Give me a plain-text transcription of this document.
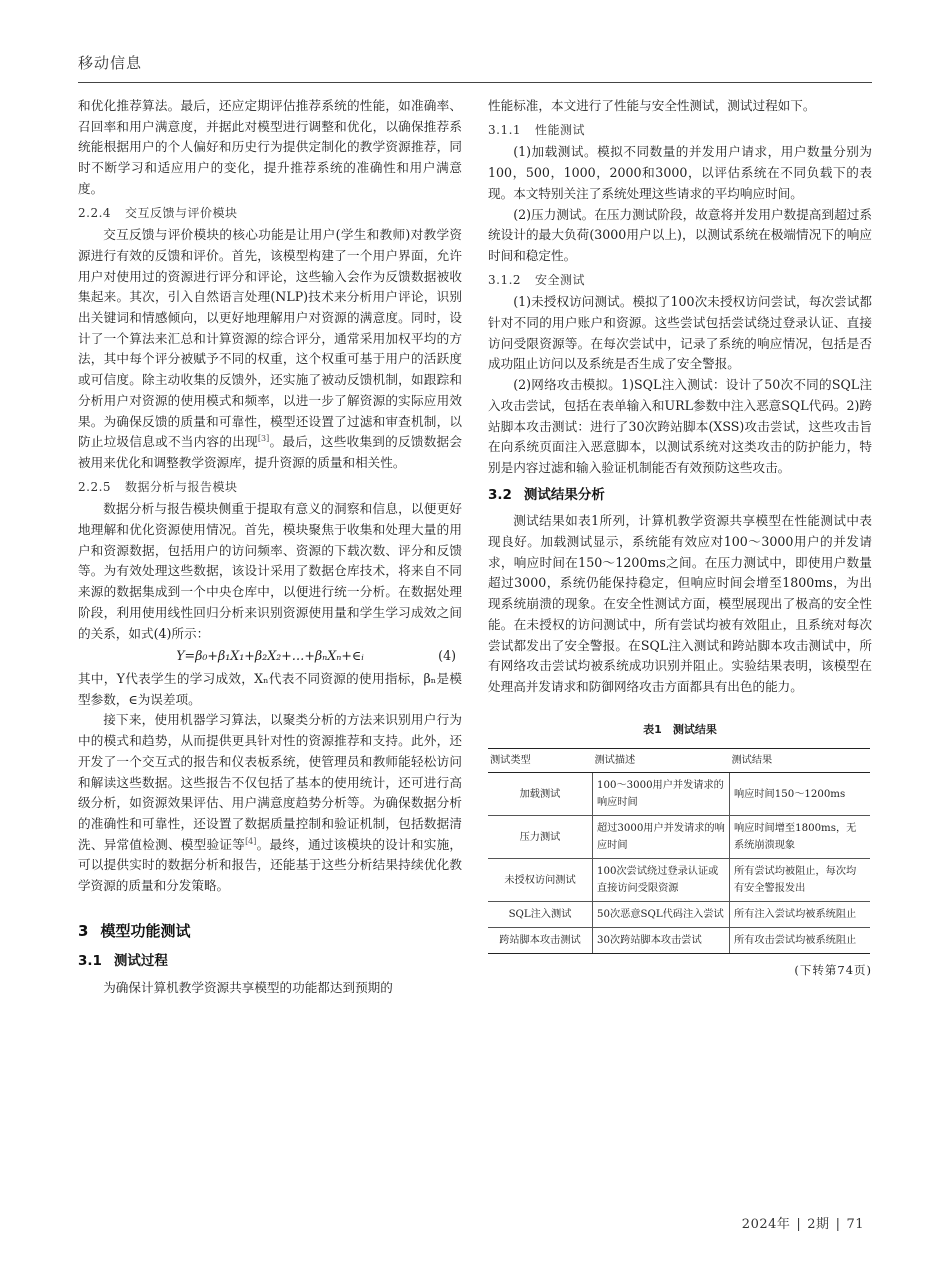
移动信息

和优化推荐算法。最后，还应定期评估推荐系统的性能，如准确率、召回率和用户满意度，并据此对模型进行调整和优化，以确保推荐系统能根据用户的个人偏好和历史行为提供定制化的教学资源推荐，同时不断学习和适应用户的变化，提升推荐系统的准确性和用户满意度。

2.2.4 交互反馈与评价模块

交互反馈与评价模块的核心功能是让用户(学生和教师)对教学资源进行有效的反馈和评价。首先，该模型构建了一个用户界面，允许用户对使用过的资源进行评分和评论，这些输入会作为反馈数据被收集起来。其次，引入自然语言处理(NLP)技术来分析用户评论，识别出关键词和情感倾向，以更好地理解用户对资源的满意度。同时，设计了一个算法来汇总和计算资源的综合评分，通常采用加权平均的方法，其中每个评分被赋予不同的权重，这个权重可基于用户的活跃度或可信度。除主动收集的反馈外，还实施了被动反馈机制，如跟踪和分析用户对资源的使用模式和频率，以进一步了解资源的实际应用效果。为确保反馈的质量和可靠性，模型还设置了过滤和审查机制，以防止垃圾信息或不当内容的出现[3]。最后，这些收集到的反馈数据会被用来优化和调整教学资源库，提升资源的质量和相关性。

2.2.5 数据分析与报告模块

数据分析与报告模块侧重于提取有意义的洞察和信息，以便更好地理解和优化资源使用情况。首先，模块聚焦于收集和处理大量的用户和资源数据，包括用户的访问频率、资源的下载次数、评分和反馈等。为有效处理这些数据，该设计采用了数据仓库技术，将来自不同来源的数据集成到一个中央仓库中，以便进行统一分析。在数据处理阶段，利用使用线性回归分析来识别资源使用量和学生学习成效之间的关系，如式(4)所示：

Y=β₀+β₁X₁+β₂X₂+…+βₙXₙ+∈ᵢ	(4)

其中，Y代表学生的学习成效，Xₙ代表不同资源的使用指标，βₙ是模型参数，∈为误差项。

接下来，使用机器学习算法，以聚类分析的方法来识别用户行为中的模式和趋势，从而提供更具针对性的资源推荐和支持。此外，还开发了一个交互式的报告和仪表板系统，使管理员和教师能轻松访问和解读这些数据。这些报告不仅包括了基本的使用统计，还可进行高级分析，如资源效果评估、用户满意度趋势分析等。为确保数据分析的准确性和可靠性，还设置了数据质量控制和验证机制，包括数据清洗、异常值检测、模型验证等[4]。最终，通过该模块的设计和实施，可以提供实时的数据分析和报告，还能基于这些分析结果持续优化教学资源的质量和分发策略。

3 模型功能测试
3.1 测试过程

为确保计算机教学资源共享模型的功能都达到预期的

性能标准，本文进行了性能与安全性测试，测试过程如下。

3.1.1 性能测试

(1)加载测试。模拟不同数量的并发用户请求，用户数量分别为100，500，1000，2000和3000，以评估系统在不同负载下的表现。本文特别关注了系统处理这些请求的平均响应时间。

(2)压力测试。在压力测试阶段，故意将并发用户数提高到超过系统设计的最大负荷(3000用户以上)，以测试系统在极端情况下的响应时间和稳定性。

3.1.2 安全测试

(1)未授权访问测试。模拟了100次未授权访问尝试，每次尝试都针对不同的用户账户和资源。这些尝试包括尝试绕过登录认证、直接访问受限资源等。在每次尝试中，记录了系统的响应情况，包括是否成功阻止访问以及系统是否生成了安全警报。

(2)网络攻击模拟。1)SQL注入测试：设计了50次不同的SQL注入攻击尝试，包括在表单输入和URL参数中注入恶意SQL代码。2)跨站脚本攻击测试：进行了30次跨站脚本(XSS)攻击尝试，这些攻击旨在向系统页面注入恶意脚本，以测试系统对这类攻击的防护能力，特别是内容过滤和输入验证机制能否有效预防这些攻击。

3.2 测试结果分析

测试结果如表1所列，计算机教学资源共享模型在性能测试中表现良好。加载测试显示，系统能有效应对100～3000用户的并发请求，响应时间在150～1200ms之间。在压力测试中，即使用户数量超过3000，系统仍能保持稳定，但响应时间会增至1800ms，为出现系统崩溃的现象。在安全性测试方面，模型展现出了极高的安全性能。在未授权的访问测试中，所有尝试均被有效阻止，且系统对每次尝试都发出了安全警报。在SQL注入测试和跨站脚本攻击测试中，所有网络攻击尝试均被系统成功识别并阻止。实验结果表明，该模型在处理高并发请求和防御网络攻击方面都具有出色的能力。

表1　测试结果
测试类型	测试描述	测试结果
加载测试	100～3000用户并发请求的响应时间	响应时间150～1200ms
压力测试	超过3000用户并发请求的响应时间	响应时间增至1800ms，无系统崩溃现象
未授权访问测试	100次尝试绕过登录认证或直接访问受限资源	所有尝试均被阻止，每次均有安全警报发出
SQL注入测试	50次恶意SQL代码注入尝试	所有注入尝试均被系统阻止
跨站脚本攻击测试	30次跨站脚本攻击尝试	所有攻击尝试均被系统阻止
(下转第74页)
2024年 | 2期 | 71
